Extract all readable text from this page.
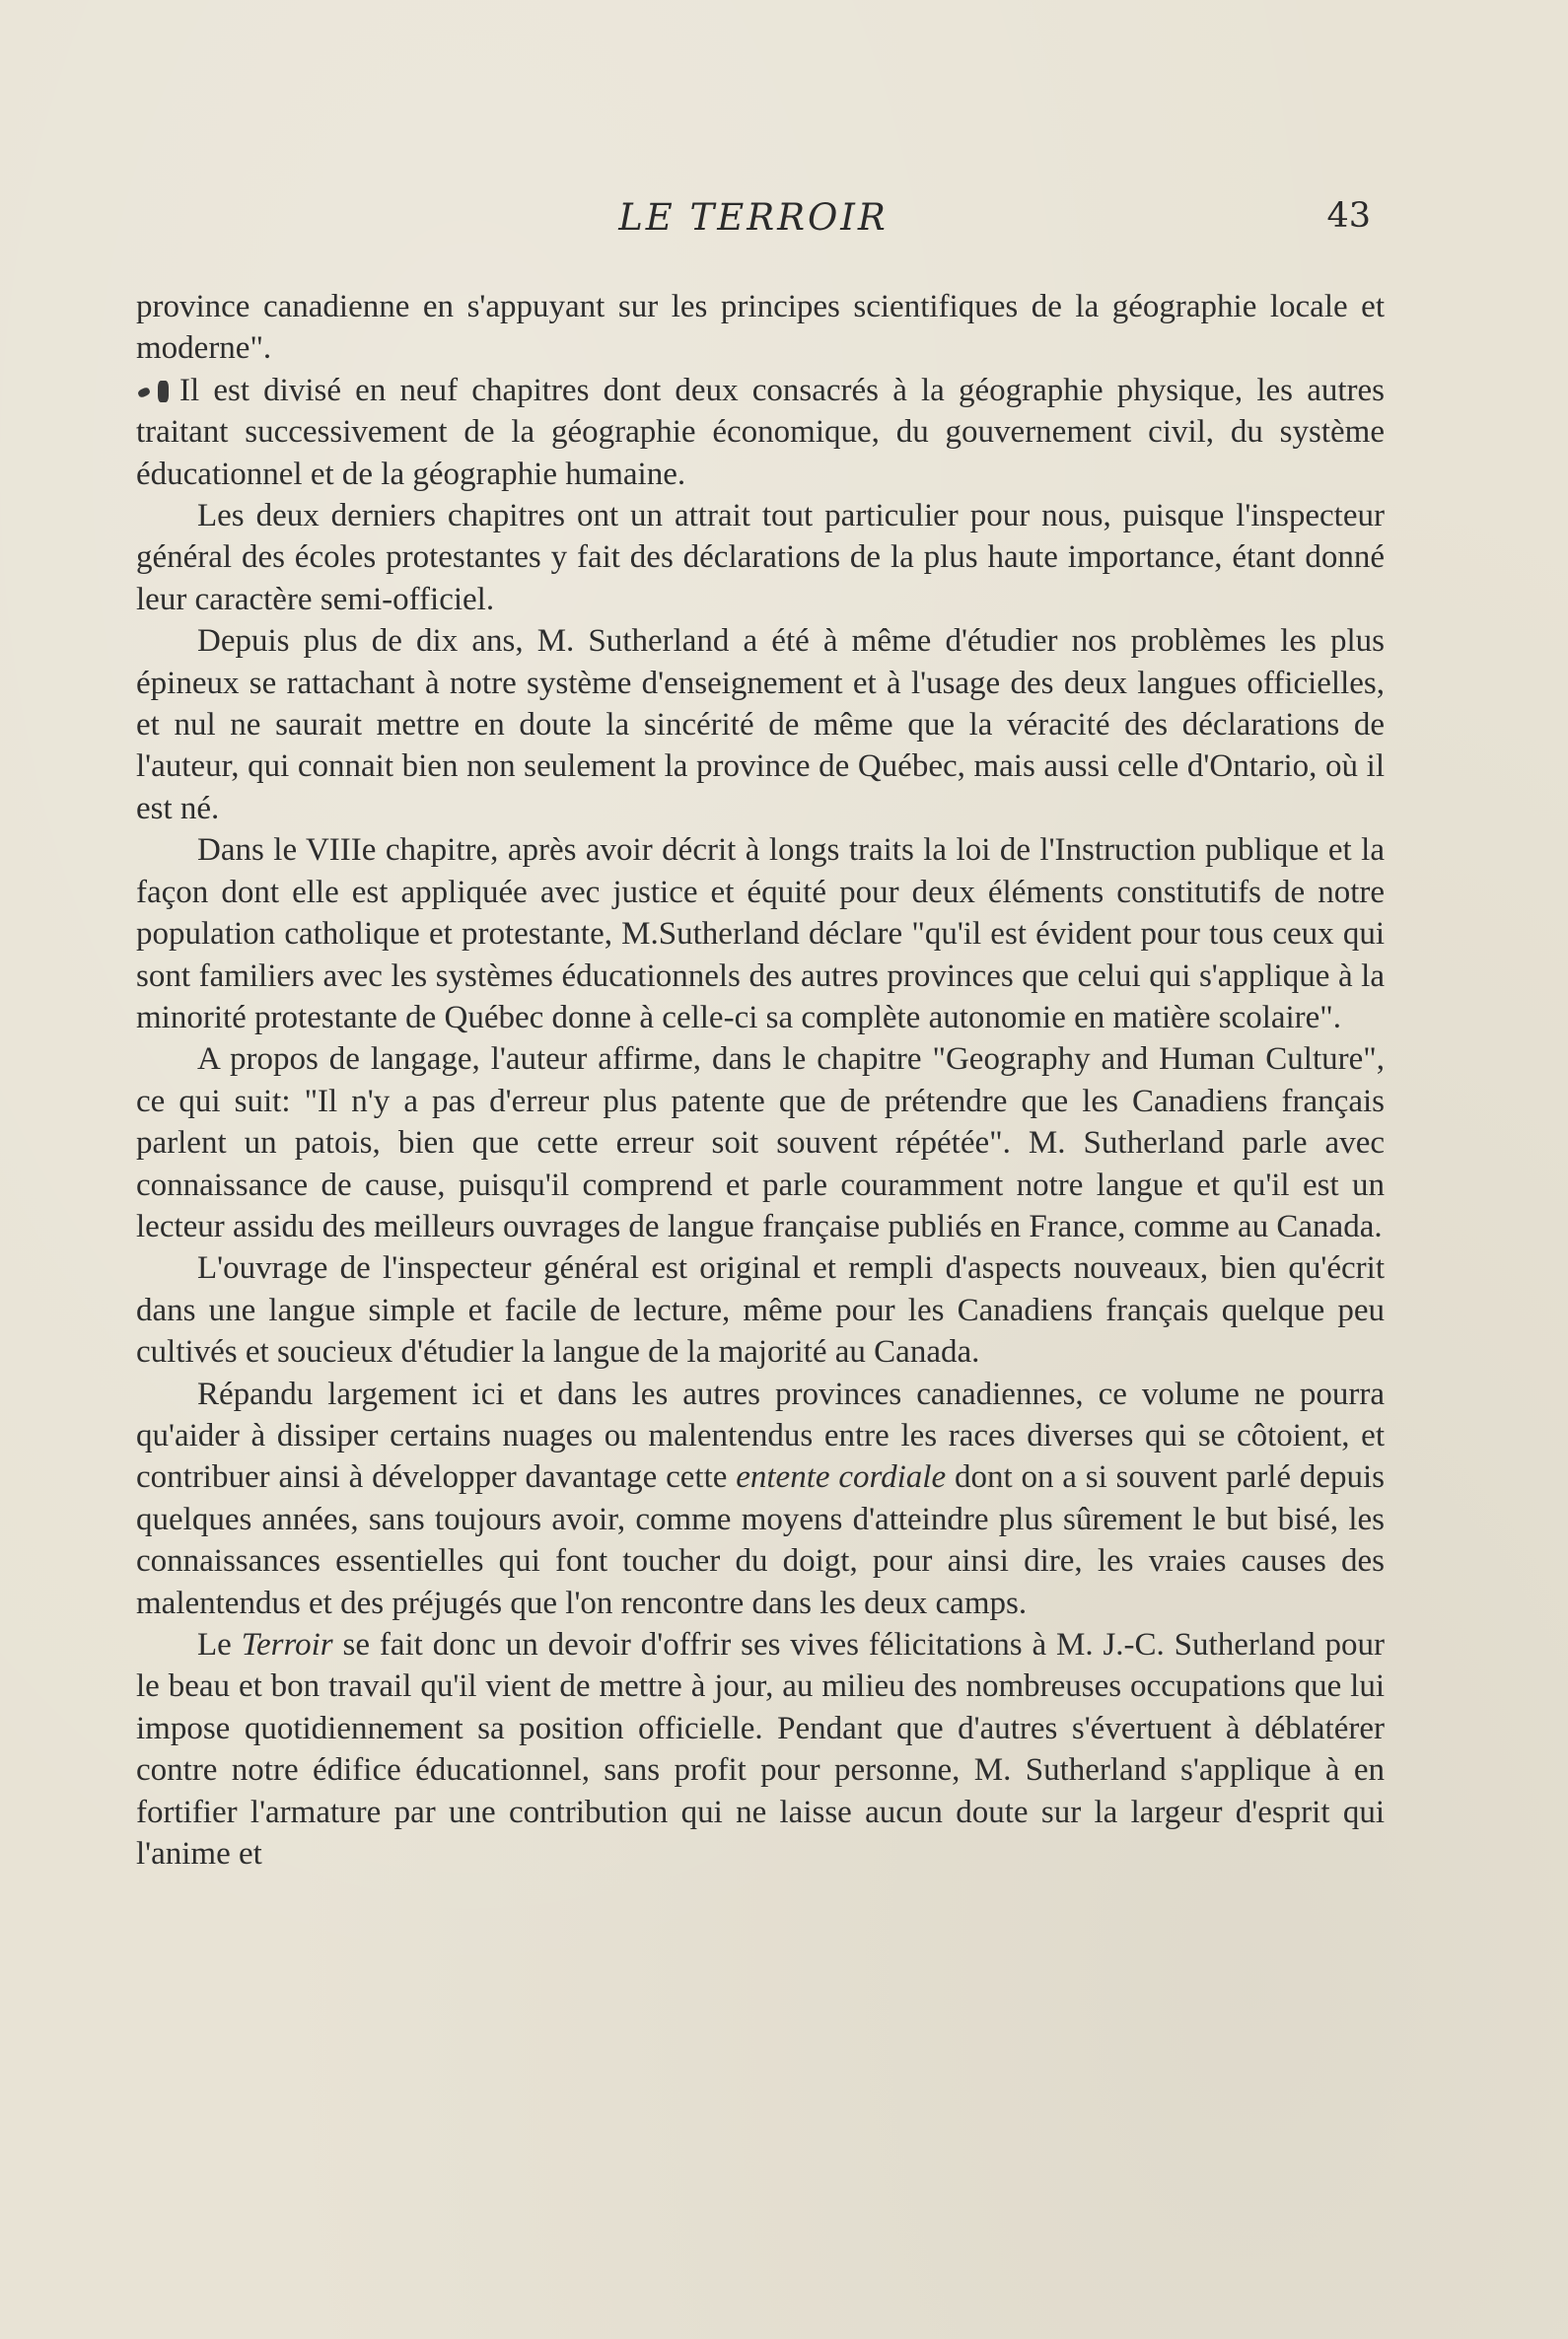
LE TERROIR	43

province canadienne en s'appuyant sur les principes scientifiques de la géographie locale et moderne".

Il est divisé en neuf chapitres dont deux consacrés à la géographie physique, les autres traitant successivement de la géographie économique, du gouvernement civil, du système éducationnel et de la géographie humaine.

Les deux derniers chapitres ont un attrait tout particulier pour nous, puisque l'inspecteur général des écoles protestantes y fait des déclarations de la plus haute importance, étant donné leur caractère semi-officiel.

Depuis plus de dix ans, M. Sutherland a été à même d'étudier nos problèmes les plus épineux se rattachant à notre système d'enseignement et à l'usage des deux langues officielles, et nul ne saurait mettre en doute la sincérité de même que la véracité des déclarations de l'auteur, qui connait bien non seulement la province de Québec, mais aussi celle d'Ontario, où il est né.

Dans le VIIIe chapitre, après avoir décrit à longs traits la loi de l'Instruction publique et la façon dont elle est appliquée avec justice et équité pour deux éléments constitutifs de notre population catholique et protestante, M.Sutherland déclare "qu'il est évident pour tous ceux qui sont familiers avec les systèmes éducationnels des autres provinces que celui qui s'applique à la minorité protestante de Québec donne à celle-ci sa complète autonomie en matière scolaire".

A propos de langage, l'auteur affirme, dans le chapitre "Geography and Human Culture", ce qui suit: "Il n'y a pas d'erreur plus patente que de prétendre que les Canadiens français parlent un patois, bien que cette erreur soit souvent répétée". M. Sutherland parle avec connaissance de cause, puisqu'il comprend et parle couramment notre langue et qu'il est un lecteur assidu des meilleurs ouvrages de langue française publiés en France, comme au Canada.

L'ouvrage de l'inspecteur général est original et rempli d'aspects nouveaux, bien qu'écrit dans une langue simple et facile de lecture, même pour les Canadiens français quelque peu cultivés et soucieux d'étudier la langue de la majorité au Canada.

Répandu largement ici et dans les autres provinces canadiennes, ce volume ne pourra qu'aider à dissiper certains nuages ou malentendus entre les races diverses qui se côtoient, et contribuer ainsi à développer davantage cette entente cordiale dont on a si souvent parlé depuis quelques années, sans toujours avoir, comme moyens d'atteindre plus sûrement le but bisé, les connaissances essentielles qui font toucher du doigt, pour ainsi dire, les vraies causes des malentendus et des préjugés que l'on rencontre dans les deux camps.

Le Terroir se fait donc un devoir d'offrir ses vives félicitations à M. J.-C. Sutherland pour le beau et bon travail qu'il vient de mettre à jour, au milieu des nombreuses occupations que lui impose quotidiennement sa position officielle. Pendant que d'autres s'évertuent à déblatérer contre notre édifice éducationnel, sans profit pour personne, M. Sutherland s'applique à en fortifier l'armature par une contribution qui ne laisse aucun doute sur la largeur d'esprit qui l'anime et
